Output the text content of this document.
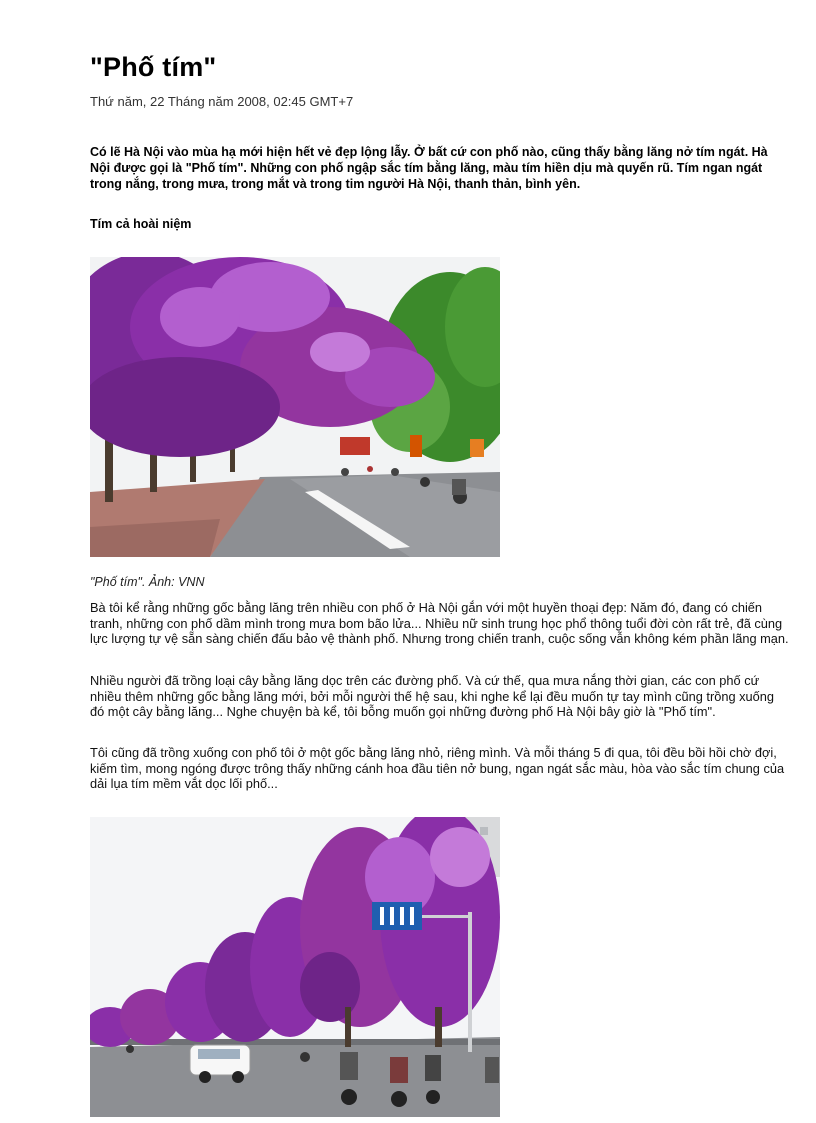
"Phố tím"
Thứ năm, 22 Tháng năm 2008, 02:45 GMT+7
Có lẽ Hà Nội vào mùa hạ mới hiện hết vẻ đẹp lộng lẫy. Ở bất cứ con phố nào, cũng thấy bằng lăng nở tím ngát. Hà Nội được gọi là "Phố tím". Những con phố ngập sắc tím bằng lăng, màu tím hiền dịu mà quyến rũ. Tím ngan ngát trong nắng, trong mưa, trong mắt và trong tim người Hà Nội, thanh thản, bình yên.
Tím cả hoài niệm
"Phố tím". Ảnh: VNN

Bà tôi kể rằng những gốc bằng lăng trên nhiều con phố ở Hà Nội gắn với một huyền thoại đẹp: Năm đó, đang có chiến tranh, những con phố dầm mình trong mưa bom bão lửa... Nhiều nữ sinh trung học phổ thông tuổi đời còn rất trẻ, đã cùng lực lượng tự vệ sẵn sàng chiến đấu bảo vệ thành phố. Nhưng trong chiến tranh, cuộc sống vẫn không kém phần lãng mạn.

Nhiều người đã trồng loại cây bằng lăng dọc trên các đường phố. Và cứ thế, qua mưa nắng thời gian, các con phố cứ nhiều thêm những gốc bằng lăng mới, bởi mỗi người thế hệ sau, khi nghe kể lại đều muốn tự tay mình cũng trồng xuống đó một cây bằng lăng... Nghe chuyện bà kể, tôi bỗng muốn gọi những đường phố Hà Nội bây giờ là "Phố tím".

Tôi cũng đã trồng xuống con phố tôi ở một gốc bằng lăng nhỏ, riêng mình. Và mỗi tháng 5 đi qua, tôi đều bồi hồi chờ đợi, kiếm tìm, mong ngóng được trông thấy những cánh hoa đầu tiên nở bung, ngan ngát sắc màu, hòa vào sắc tím chung của dải lụa tím mềm vắt dọc lối phố...
